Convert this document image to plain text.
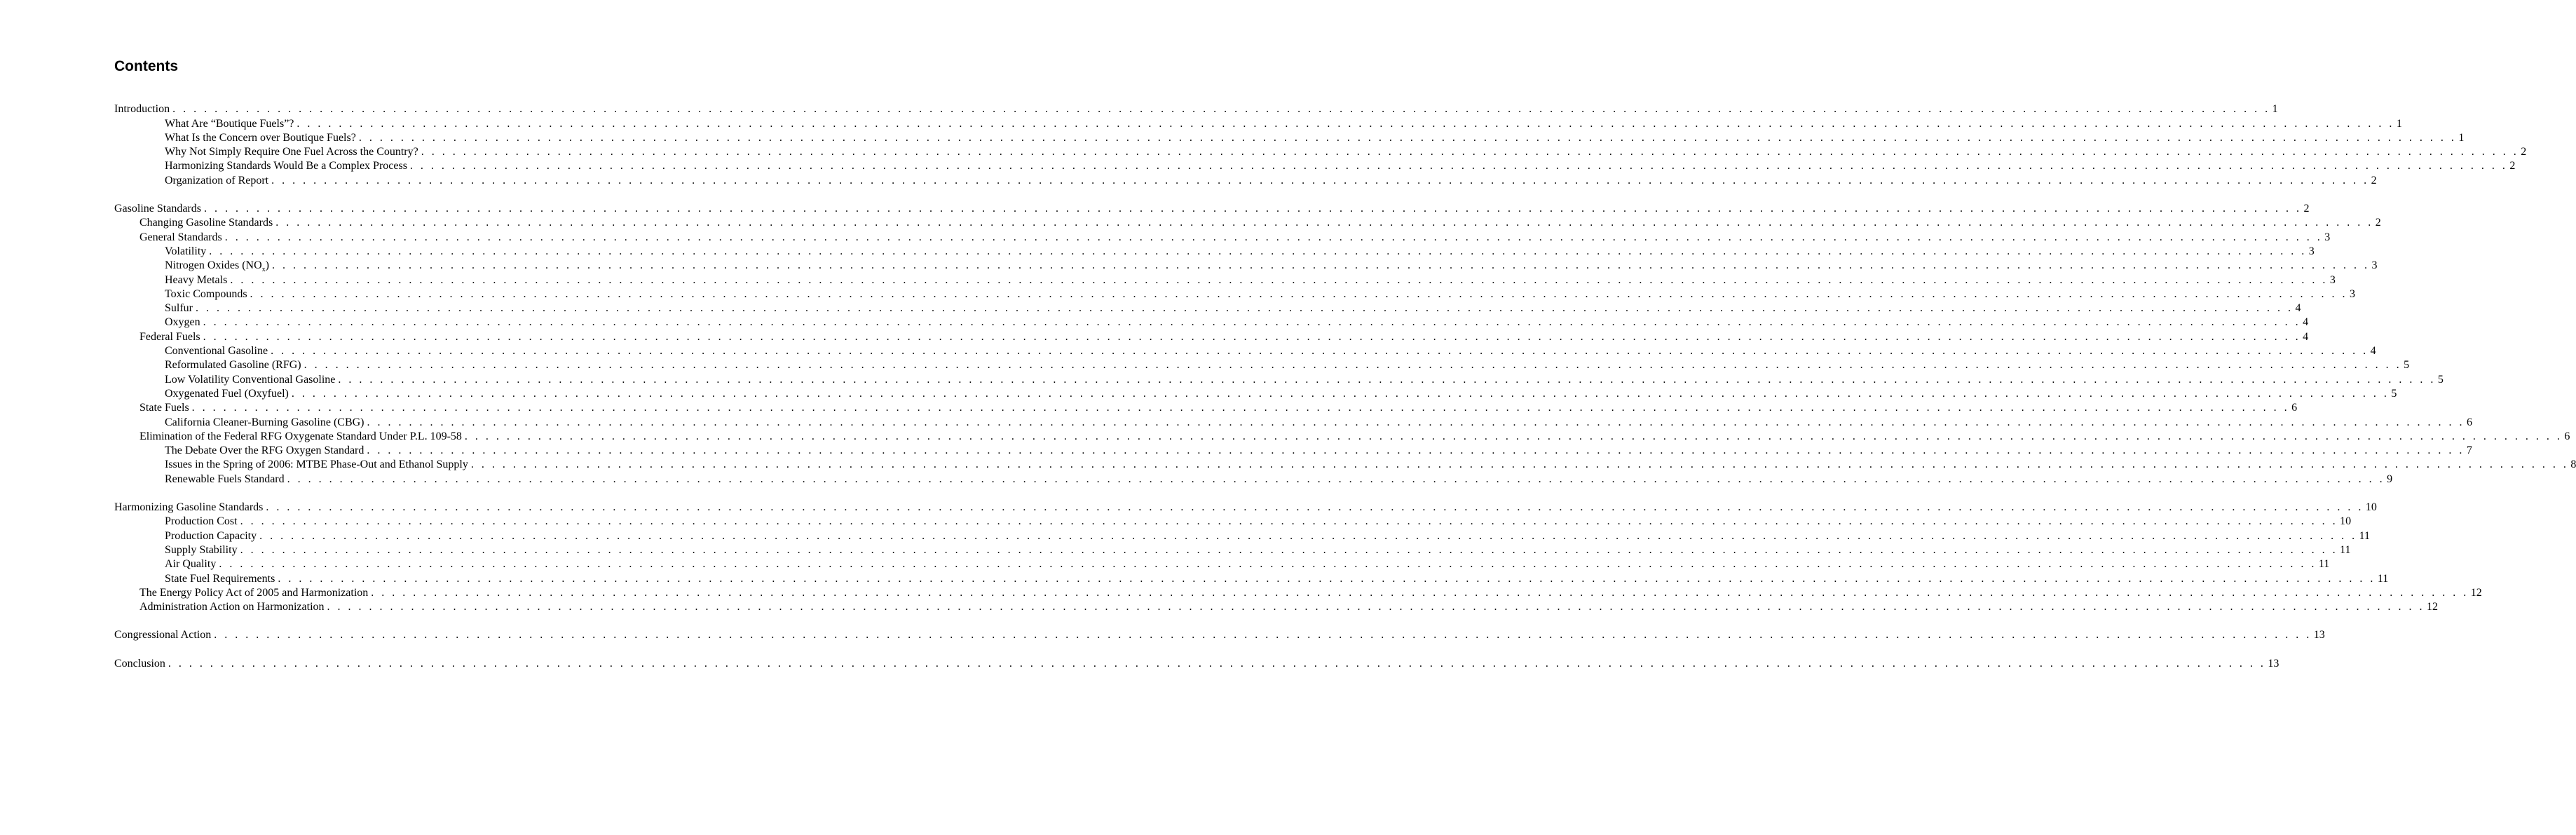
Contents
Introduction . . . . . . . . . . . . . . . . . . . . . . . . . . . . . . . . . . . . . . . . . . . . . . . . . . . . . . . . . . . . . . . . . . . . . . . . . . . . . . . . . . . . . . . . . . . . . . . . . . . . . . . . . . . . . . . . . . . . . . . . . . . . . . . . . . . . . . . . . . . . . . . . . . . . . . . . . . . . . . . . . . . . . . . . . . . . . . . . . . . . . . . . . . . . . . . . . . . . . . . . 1
What Are “Boutique Fuels”? . . . . . . . . . . . . . . . . . . . . . . . . . . . . . . . . . . . . . . . . . . . . . . . . . . . . . . . . . . . . . . . . . . . . . . . . . . . . . . . . . . . . . . . . . . . . . . . . . . . . . . . . . . . . . . . . . . . . . . . . . . . . . . . . . . . . . . . . . . . . . . . . . . . . . . . . . . . . . . . . . . . . . . . . . . . . . . . . . . . . . . . . . . . . . . . . . . . . . . . . 1
What Is the Concern over Boutique Fuels? . . . . . . . . . . . . . . . . . . . . . . . . . . . . . . . . . . . . . . . . . . . . . . . . . . . . . . . . . . . . . . . . . . . . . . . . . . . . . . . . . . . . . . . . . . . . . . . . . . . . . . . . . . . . . . . . . . . . . . . . . . . . . . . . . . . . . . . . . . . . . . . . . . . . . . . . . . . . . . . . . . . . . . . . . . . . . . . . . . . . . . . . . . . . . . . . . . . . . . . . 1
Why Not Simply Require One Fuel Across the Country? . . . . . . . . . . . . . . . . . . . . . . . . . . . . . . . . . . . . . . . . . . . . . . . . . . . . . . . . . . . . . . . . . . . . . . . . . . . . . . . . . . . . . . . . . . . . . . . . . . . . . . . . . . . . . . . . . . . . . . . . . . . . . . . . . . . . . . . . . . . . . . . . . . . . . . . . . . . . . . . . . . . . . . . . . . . . . . . . . . . . . . . . . . . . . . . . . . . . . . . . 2
Harmonizing Standards Would Be a Complex Process . . . . . . . . . . . . . . . . . . . . . . . . . . . . . . . . . . . . . . . . . . . . . . . . . . . . . . . . . . . . . . . . . . . . . . . . . . . . . . . . . . . . . . . . . . . . . . . . . . . . . . . . . . . . . . . . . . . . . . . . . . . . . . . . . . . . . . . . . . . . . . . . . . . . . . . . . . . . . . . . . . . . . . . . . . . . . . . . . . . . . . . . . . . . . . . . . . . . . . . . 2
Organization of Report . . . . . . . . . . . . . . . . . . . . . . . . . . . . . . . . . . . . . . . . . . . . . . . . . . . . . . . . . . . . . . . . . . . . . . . . . . . . . . . . . . . . . . . . . . . . . . . . . . . . . . . . . . . . . . . . . . . . . . . . . . . . . . . . . . . . . . . . . . . . . . . . . . . . . . . . . . . . . . . . . . . . . . . . . . . . . . . . . . . . . . . . . . . . . . . . . . . . . . . . 2
Gasoline Standards . . . . . . . . . . . . . . . . . . . . . . . . . . . . . . . . . . . . . . . . . . . . . . . . . . . . . . . . . . . . . . . . . . . . . . . . . . . . . . . . . . . . . . . . . . . . . . . . . . . . . . . . . . . . . . . . . . . . . . . . . . . . . . . . . . . . . . . . . . . . . . . . . . . . . . . . . . . . . . . . . . . . . . . . . . . . . . . . . . . . . . . . . . . . . . . . . . . . . . . . 2
Changing Gasoline Standards . . . . . . . . . . . . . . . . . . . . . . . . . . . . . . . . . . . . . . . . . . . . . . . . . . . . . . . . . . . . . . . . . . . . . . . . . . . . . . . . . . . . . . . . . . . . . . . . . . . . . . . . . . . . . . . . . . . . . . . . . . . . . . . . . . . . . . . . . . . . . . . . . . . . . . . . . . . . . . . . . . . . . . . . . . . . . . . . . . . . . . . . . . . . . . . . . . . . . . . . 2
General Standards . . . . . . . . . . . . . . . . . . . . . . . . . . . . . . . . . . . . . . . . . . . . . . . . . . . . . . . . . . . . . . . . . . . . . . . . . . . . . . . . . . . . . . . . . . . . . . . . . . . . . . . . . . . . . . . . . . . . . . . . . . . . . . . . . . . . . . . . . . . . . . . . . . . . . . . . . . . . . . . . . . . . . . . . . . . . . . . . . . . . . . . . . . . . . . . . . . . . . . . . 3
Volatility . . . . . . . . . . . . . . . . . . . . . . . . . . . . . . . . . . . . . . . . . . . . . . . . . . . . . . . . . . . . . . . . . . . . . . . . . . . . . . . . . . . . . . . . . . . . . . . . . . . . . . . . . . . . . . . . . . . . . . . . . . . . . . . . . . . . . . . . . . . . . . . . . . . . . . . . . . . . . . . . . . . . . . . . . . . . . . . . . . . . . . . . . . . . . . . . . . . . . . . . 3
Nitrogen Oxides $(NO_x)$ . . . . . . . . . . . . . . . . . . . . . . . . . . . . . . . . . . . . . . . . . . . . . . . . . . . . . . . . . . . . . . . . . . . . . . . . . . . . . . . . . . . . . . . . . . . . . . . . . . . . . . . . . . . . . . . . . . . . . . . . . . . . . . . . . . . . . . . . . . . . . . . . . . . . . . . . . . . . . . . . . . . . . . . . . . . . . . . . . . . . . . . . . . . . . . . . . . . . . . . . 3
Heavy Metals . . . . . . . . . . . . . . . . . . . . . . . . . . . . . . . . . . . . . . . . . . . . . . . . . . . . . . . . . . . . . . . . . . . . . . . . . . . . . . . . . . . . . . . . . . . . . . . . . . . . . . . . . . . . . . . . . . . . . . . . . . . . . . . . . . . . . . . . . . . . . . . . . . . . . . . . . . . . . . . . . . . . . . . . . . . . . . . . . . . . . . . . . . . . . . . . . . . . . . . . 3
Toxic Compounds . . . . . . . . . . . . . . . . . . . . . . . . . . . . . . . . . . . . . . . . . . . . . . . . . . . . . . . . . . . . . . . . . . . . . . . . . . . . . . . . . . . . . . . . . . . . . . . . . . . . . . . . . . . . . . . . . . . . . . . . . . . . . . . . . . . . . . . . . . . . . . . . . . . . . . . . . . . . . . . . . . . . . . . . . . . . . . . . . . . . . . . . . . . . . . . . . . . . . . . . 3
Sulfur . . . . . . . . . . . . . . . . . . . . . . . . . . . . . . . . . . . . . . . . . . . . . . . . . . . . . . . . . . . . . . . . . . . . . . . . . . . . . . . . . . . . . . . . . . . . . . . . . . . . . . . . . . . . . . . . . . . . . . . . . . . . . . . . . . . . . . . . . . . . . . . . . . . . . . . . . . . . . . . . . . . . . . . . . . . . . . . . . . . . . . . . . . . . . . . . . . . . . . . . 4
Oxygen . . . . . . . . . . . . . . . . . . . . . . . . . . . . . . . . . . . . . . . . . . . . . . . . . . . . . . . . . . . . . . . . . . . . . . . . . . . . . . . . . . . . . . . . . . . . . . . . . . . . . . . . . . . . . . . . . . . . . . . . . . . . . . . . . . . . . . . . . . . . . . . . . . . . . . . . . . . . . . . . . . . . . . . . . . . . . . . . . . . . . . . . . . . . . . . . . . . . . . . . 4
Federal Fuels . . . . . . . . . . . . . . . . . . . . . . . . . . . . . . . . . . . . . . . . . . . . . . . . . . . . . . . . . . . . . . . . . . . . . . . . . . . . . . . . . . . . . . . . . . . . . . . . . . . . . . . . . . . . . . . . . . . . . . . . . . . . . . . . . . . . . . . . . . . . . . . . . . . . . . . . . . . . . . . . . . . . . . . . . . . . . . . . . . . . . . . . . . . . . . . . . . . . . . . . 4
Conventional Gasoline . . . . . . . . . . . . . . . . . . . . . . . . . . . . . . . . . . . . . . . . . . . . . . . . . . . . . . . . . . . . . . . . . . . . . . . . . . . . . . . . . . . . . . . . . . . . . . . . . . . . . . . . . . . . . . . . . . . . . . . . . . . . . . . . . . . . . . . . . . . . . . . . . . . . . . . . . . . . . . . . . . . . . . . . . . . . . . . . . . . . . . . . . . . . . . . . . . . . . . . . 4
Reformulated Gasoline (RFG) . . . . . . . . . . . . . . . . . . . . . . . . . . . . . . . . . . . . . . . . . . . . . . . . . . . . . . . . . . . . . . . . . . . . . . . . . . . . . . . . . . . . . . . . . . . . . . . . . . . . . . . . . . . . . . . . . . . . . . . . . . . . . . . . . . . . . . . . . . . . . . . . . . . . . . . . . . . . . . . . . . . . . . . . . . . . . . . . . . . . . . . . . . . . . . . . . . . . . . . . 5
Low Volatility Conventional Gasoline . . . . . . . . . . . . . . . . . . . . . . . . . . . . . . . . . . . . . . . . . . . . . . . . . . . . . . . . . . . . . . . . . . . . . . . . . . . . . . . . . . . . . . . . . . . . . . . . . . . . . . . . . . . . . . . . . . . . . . . . . . . . . . . . . . . . . . . . . . . . . . . . . . . . . . . . . . . . . . . . . . . . . . . . . . . . . . . . . . . . . . . . . . . . . . . . . . . . . . . . 5
Oxygenated Fuel (Oxyfuel) . . . . . . . . . . . . . . . . . . . . . . . . . . . . . . . . . . . . . . . . . . . . . . . . . . . . . . . . . . . . . . . . . . . . . . . . . . . . . . . . . . . . . . . . . . . . . . . . . . . . . . . . . . . . . . . . . . . . . . . . . . . . . . . . . . . . . . . . . . . . . . . . . . . . . . . . . . . . . . . . . . . . . . . . . . . . . . . . . . . . . . . . . . . . . . . . . . . . . . . . 5
State Fuels . . . . . . . . . . . . . . . . . . . . . . . . . . . . . . . . . . . . . . . . . . . . . . . . . . . . . . . . . . . . . . . . . . . . . . . . . . . . . . . . . . . . . . . . . . . . . . . . . . . . . . . . . . . . . . . . . . . . . . . . . . . . . . . . . . . . . . . . . . . . . . . . . . . . . . . . . . . . . . . . . . . . . . . . . . . . . . . . . . . . . . . . . . . . . . . . . . . . . . . . 6
California Cleaner-Burning Gasoline (CBG) . . . . . . . . . . . . . . . . . . . . . . . . . . . . . . . . . . . . . . . . . . . . . . . . . . . . . . . . . . . . . . . . . . . . . . . . . . . . . . . . . . . . . . . . . . . . . . . . . . . . . . . . . . . . . . . . . . . . . . . . . . . . . . . . . . . . . . . . . . . . . . . . . . . . . . . . . . . . . . . . . . . . . . . . . . . . . . . . . . . . . . . . . . . . . . . . . . . . . . . . 6
Elimination of the Federal RFG Oxygenate Standard Under P.L. 109-58 . . . . . . . . . . . . . . . . . . . . . . . . . . . . . . . . . . . . . . . . . . . . . . . . . . . . . . . . . . . . . . . . . . . . . . . . . . . . . . . . . . . . . . . . . . . . . . . . . . . . . . . . . . . . . . . . . . . . . . . . . . . . . . . . . . . . . . . . . . . . . . . . . . . . . . . . . . . . . . . . . . . . . . . . . . . . . . . . . . . . . . . . . . . . . . . . . . . . . . . . 6
The Debate Over the RFG Oxygen Standard . . . . . . . . . . . . . . . . . . . . . . . . . . . . . . . . . . . . . . . . . . . . . . . . . . . . . . . . . . . . . . . . . . . . . . . . . . . . . . . . . . . . . . . . . . . . . . . . . . . . . . . . . . . . . . . . . . . . . . . . . . . . . . . . . . . . . . . . . . . . . . . . . . . . . . . . . . . . . . . . . . . . . . . . . . . . . . . . . . . . . . . . . . . . . . . . . . . . . . . . 7
Issues in the Spring of 2006: MTBE Phase-Out and Ethanol Supply . . . . . . . . . . . . . . . . . . . . . . . . . . . . . . . . . . . . . . . . . . . . . . . . . . . . . . . . . . . . . . . . . . . . . . . . . . . . . . . . . . . . . . . . . . . . . . . . . . . . . . . . . . . . . . . . . . . . . . . . . . . . . . . . . . . . . . . . . . . . . . . . . . . . . . . . . . . . . . . . . . . . . . . . . . . . . . . . . . . . . . . . . . . . . . . . . . . . . . . . 8
Renewable Fuels Standard . . . . . . . . . . . . . . . . . . . . . . . . . . . . . . . . . . . . . . . . . . . . . . . . . . . . . . . . . . . . . . . . . . . . . . . . . . . . . . . . . . . . . . . . . . . . . . . . . . . . . . . . . . . . . . . . . . . . . . . . . . . . . . . . . . . . . . . . . . . . . . . . . . . . . . . . . . . . . . . . . . . . . . . . . . . . . . . . . . . . . . . . . . . . . . . . . . . . . . . . 9
Harmonizing Gasoline Standards . . . . . . . . . . . . . . . . . . . . . . . . . . . . . . . . . . . . . . . . . . . . . . . . . . . . . . . . . . . . . . . . . . . . . . . . . . . . . . . . . . . . . . . . . . . . . . . . . . . . . . . . . . . . . . . . . . . . . . . . . . . . . . . . . . . . . . . . . . . . . . . . . . . . . . . . . . . . . . . . . . . . . . . . . . . . . . . . . . . . . . . . . . . . . . . . . . . . . . . . 10
Production Cost . . . . . . . . . . . . . . . . . . . . . . . . . . . . . . . . . . . . . . . . . . . . . . . . . . . . . . . . . . . . . . . . . . . . . . . . . . . . . . . . . . . . . . . . . . . . . . . . . . . . . . . . . . . . . . . . . . . . . . . . . . . . . . . . . . . . . . . . . . . . . . . . . . . . . . . . . . . . . . . . . . . . . . . . . . . . . . . . . . . . . . . . . . . . . . . . . . . . . . . . 10
Production Capacity . . . . . . . . . . . . . . . . . . . . . . . . . . . . . . . . . . . . . . . . . . . . . . . . . . . . . . . . . . . . . . . . . . . . . . . . . . . . . . . . . . . . . . . . . . . . . . . . . . . . . . . . . . . . . . . . . . . . . . . . . . . . . . . . . . . . . . . . . . . . . . . . . . . . . . . . . . . . . . . . . . . . . . . . . . . . . . . . . . . . . . . . . . . . . . . . . . . . . . . . 11
Supply Stability . . . . . . . . . . . . . . . . . . . . . . . . . . . . . . . . . . . . . . . . . . . . . . . . . . . . . . . . . . . . . . . . . . . . . . . . . . . . . . . . . . . . . . . . . . . . . . . . . . . . . . . . . . . . . . . . . . . . . . . . . . . . . . . . . . . . . . . . . . . . . . . . . . . . . . . . . . . . . . . . . . . . . . . . . . . . . . . . . . . . . . . . . . . . . . . . . . . . . . . . 11
Air Quality . . . . . . . . . . . . . . . . . . . . . . . . . . . . . . . . . . . . . . . . . . . . . . . . . . . . . . . . . . . . . . . . . . . . . . . . . . . . . . . . . . . . . . . . . . . . . . . . . . . . . . . . . . . . . . . . . . . . . . . . . . . . . . . . . . . . . . . . . . . . . . . . . . . . . . . . . . . . . . . . . . . . . . . . . . . . . . . . . . . . . . . . . . . . . . . . . . . . . . . . 11
State Fuel Requirements . . . . . . . . . . . . . . . . . . . . . . . . . . . . . . . . . . . . . . . . . . . . . . . . . . . . . . . . . . . . . . . . . . . . . . . . . . . . . . . . . . . . . . . . . . . . . . . . . . . . . . . . . . . . . . . . . . . . . . . . . . . . . . . . . . . . . . . . . . . . . . . . . . . . . . . . . . . . . . . . . . . . . . . . . . . . . . . . . . . . . . . . . . . . . . . . . . . . . . . . 11
The Energy Policy Act of 2005 and Harmonization . . . . . . . . . . . . . . . . . . . . . . . . . . . . . . . . . . . . . . . . . . . . . . . . . . . . . . . . . . . . . . . . . . . . . . . . . . . . . . . . . . . . . . . . . . . . . . . . . . . . . . . . . . . . . . . . . . . . . . . . . . . . . . . . . . . . . . . . . . . . . . . . . . . . . . . . . . . . . . . . . . . . . . . . . . . . . . . . . . . . . . . . . . . . . . . . . . . . . . . . 12
Administration Action on Harmonization . . . . . . . . . . . . . . . . . . . . . . . . . . . . . . . . . . . . . . . . . . . . . . . . . . . . . . . . . . . . . . . . . . . . . . . . . . . . . . . . . . . . . . . . . . . . . . . . . . . . . . . . . . . . . . . . . . . . . . . . . . . . . . . . . . . . . . . . . . . . . . . . . . . . . . . . . . . . . . . . . . . . . . . . . . . . . . . . . . . . . . . . . . . . . . . . . . . . . . . . 12
Congressional Action . . . . . . . . . . . . . . . . . . . . . . . . . . . . . . . . . . . . . . . . . . . . . . . . . . . . . . . . . . . . . . . . . . . . . . . . . . . . . . . . . . . . . . . . . . . . . . . . . . . . . . . . . . . . . . . . . . . . . . . . . . . . . . . . . . . . . . . . . . . . . . . . . . . . . . . . . . . . . . . . . . . . . . . . . . . . . . . . . . . . . . . . . . . . . . . . . . . . . . . . 13
Conclusion . . . . . . . . . . . . . . . . . . . . . . . . . . . . . . . . . . . . . . . . . . . . . . . . . . . . . . . . . . . . . . . . . . . . . . . . . . . . . . . . . . . . . . . . . . . . . . . . . . . . . . . . . . . . . . . . . . . . . . . . . . . . . . . . . . . . . . . . . . . . . . . . . . . . . . . . . . . . . . . . . . . . . . . . . . . . . . . . . . . . . . . . . . . . . . . . . . . . . . . . 13
